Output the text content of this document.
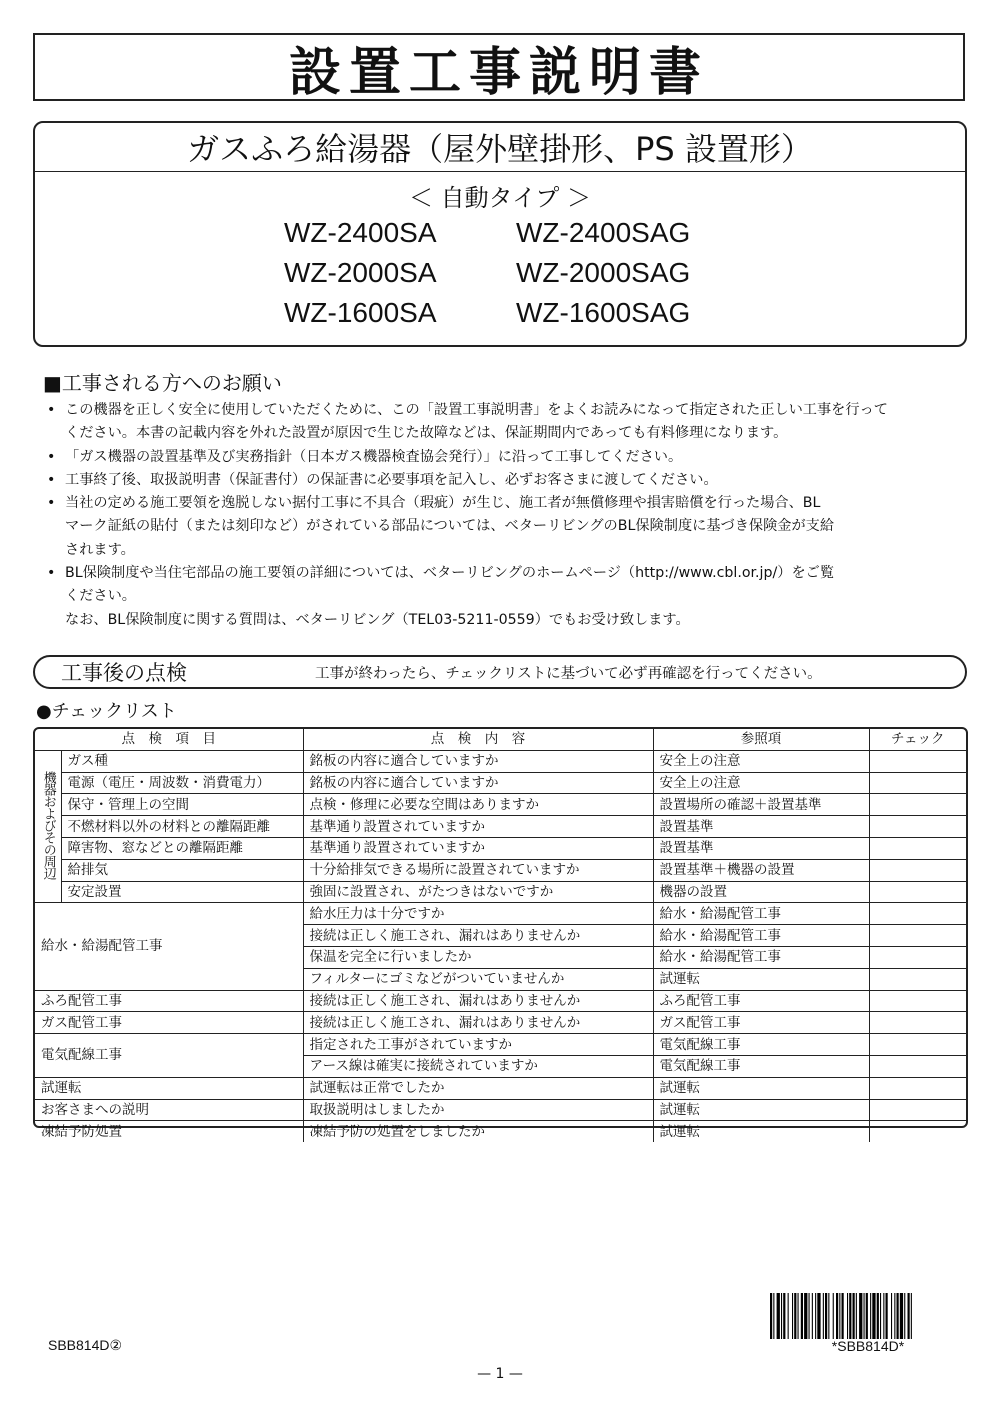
設置工事説明書
ガスふろ給湯器（屋外壁掛形、PS 設置形）
＜ 自動タイプ ＞
WZ-2400SA	WZ-2400SAG
WZ-2000SA	WZ-2000SAG
WZ-1600SA	WZ-1600SAG
■工事される方へのお願い
• この機器を正しく安全に使用していただくために、この「設置工事説明書」をよくお読みになって指定された正しい工事を行って
ください。本書の記載内容を外れた設置が原因で生じた故障などは、保証期間内であっても有料修理になります。
• 「ガス機器の設置基準及び実務指針（日本ガス機器検査協会発行）」に沿って工事してください。
• 工事終了後、取扱説明書（保証書付）の保証書に必要事項を記入し、必ずお客さまに渡してください。
• 当社の定める施工要領を逸脱しない据付工事に不具合（瑕疵）が生じ、施工者が無償修理や損害賠償を行った場合、BL
マーク証紙の貼付（または刻印など）がされている部品については、ベターリビングのBL保険制度に基づき保険金が支給
されます。
• BL保険制度や当住宅部品の施工要領の詳細については、ベターリビングのホームページ（http://www.cbl.or.jp/）をご覧
ください。
なお、BL保険制度に関する質問は、ベターリビング（TEL03-5211-0559）でもお受け致します。
工事後の点検	工事が終わったら、チェックリストに基づいて必ず再確認を行ってください。
●チェックリスト
点　検　項　目		点　検　内　容	参照項	チェック
機器およびその周辺	ガス種	銘板の内容に適合していますか	安全上の注意	
	電源（電圧・周波数・消費電力）	銘板の内容に適合していますか	安全上の注意	
	保守・管理上の空間	点検・修理に必要な空間はありますか	設置場所の確認＋設置基準	
	不燃材料以外の材料との離隔距離	基準通り設置されていますか	設置基準	
	障害物、窓などとの離隔距離	基準通り設置されていますか	設置基準	
	給排気	十分給排気できる場所に設置されていますか	設置基準＋機器の設置	
	安定設置	強固に設置され、がたつきはないですか	機器の設置	
給水・給湯配管工事		給水圧力は十分ですか	給水・給湯配管工事	
		接続は正しく施工され、漏れはありませんか	給水・給湯配管工事	
		保温を完全に行いましたか	給水・給湯配管工事	
		フィルターにゴミなどがついていませんか	試運転	
ふろ配管工事		接続は正しく施工され、漏れはありませんか	ふろ配管工事	
ガス配管工事		接続は正しく施工され、漏れはありませんか	ガス配管工事	
電気配線工事		指定された工事がされていますか	電気配線工事	
		アース線は確実に接続されていますか	電気配線工事	
試運転		試運転は正常でしたか	試運転	
お客さまへの説明		取扱説明はしましたか	試運転	
凍結予防処置		凍結予防の処置をしましたか	試運転	
SBB814D②	*SBB814D*
— 1 —
